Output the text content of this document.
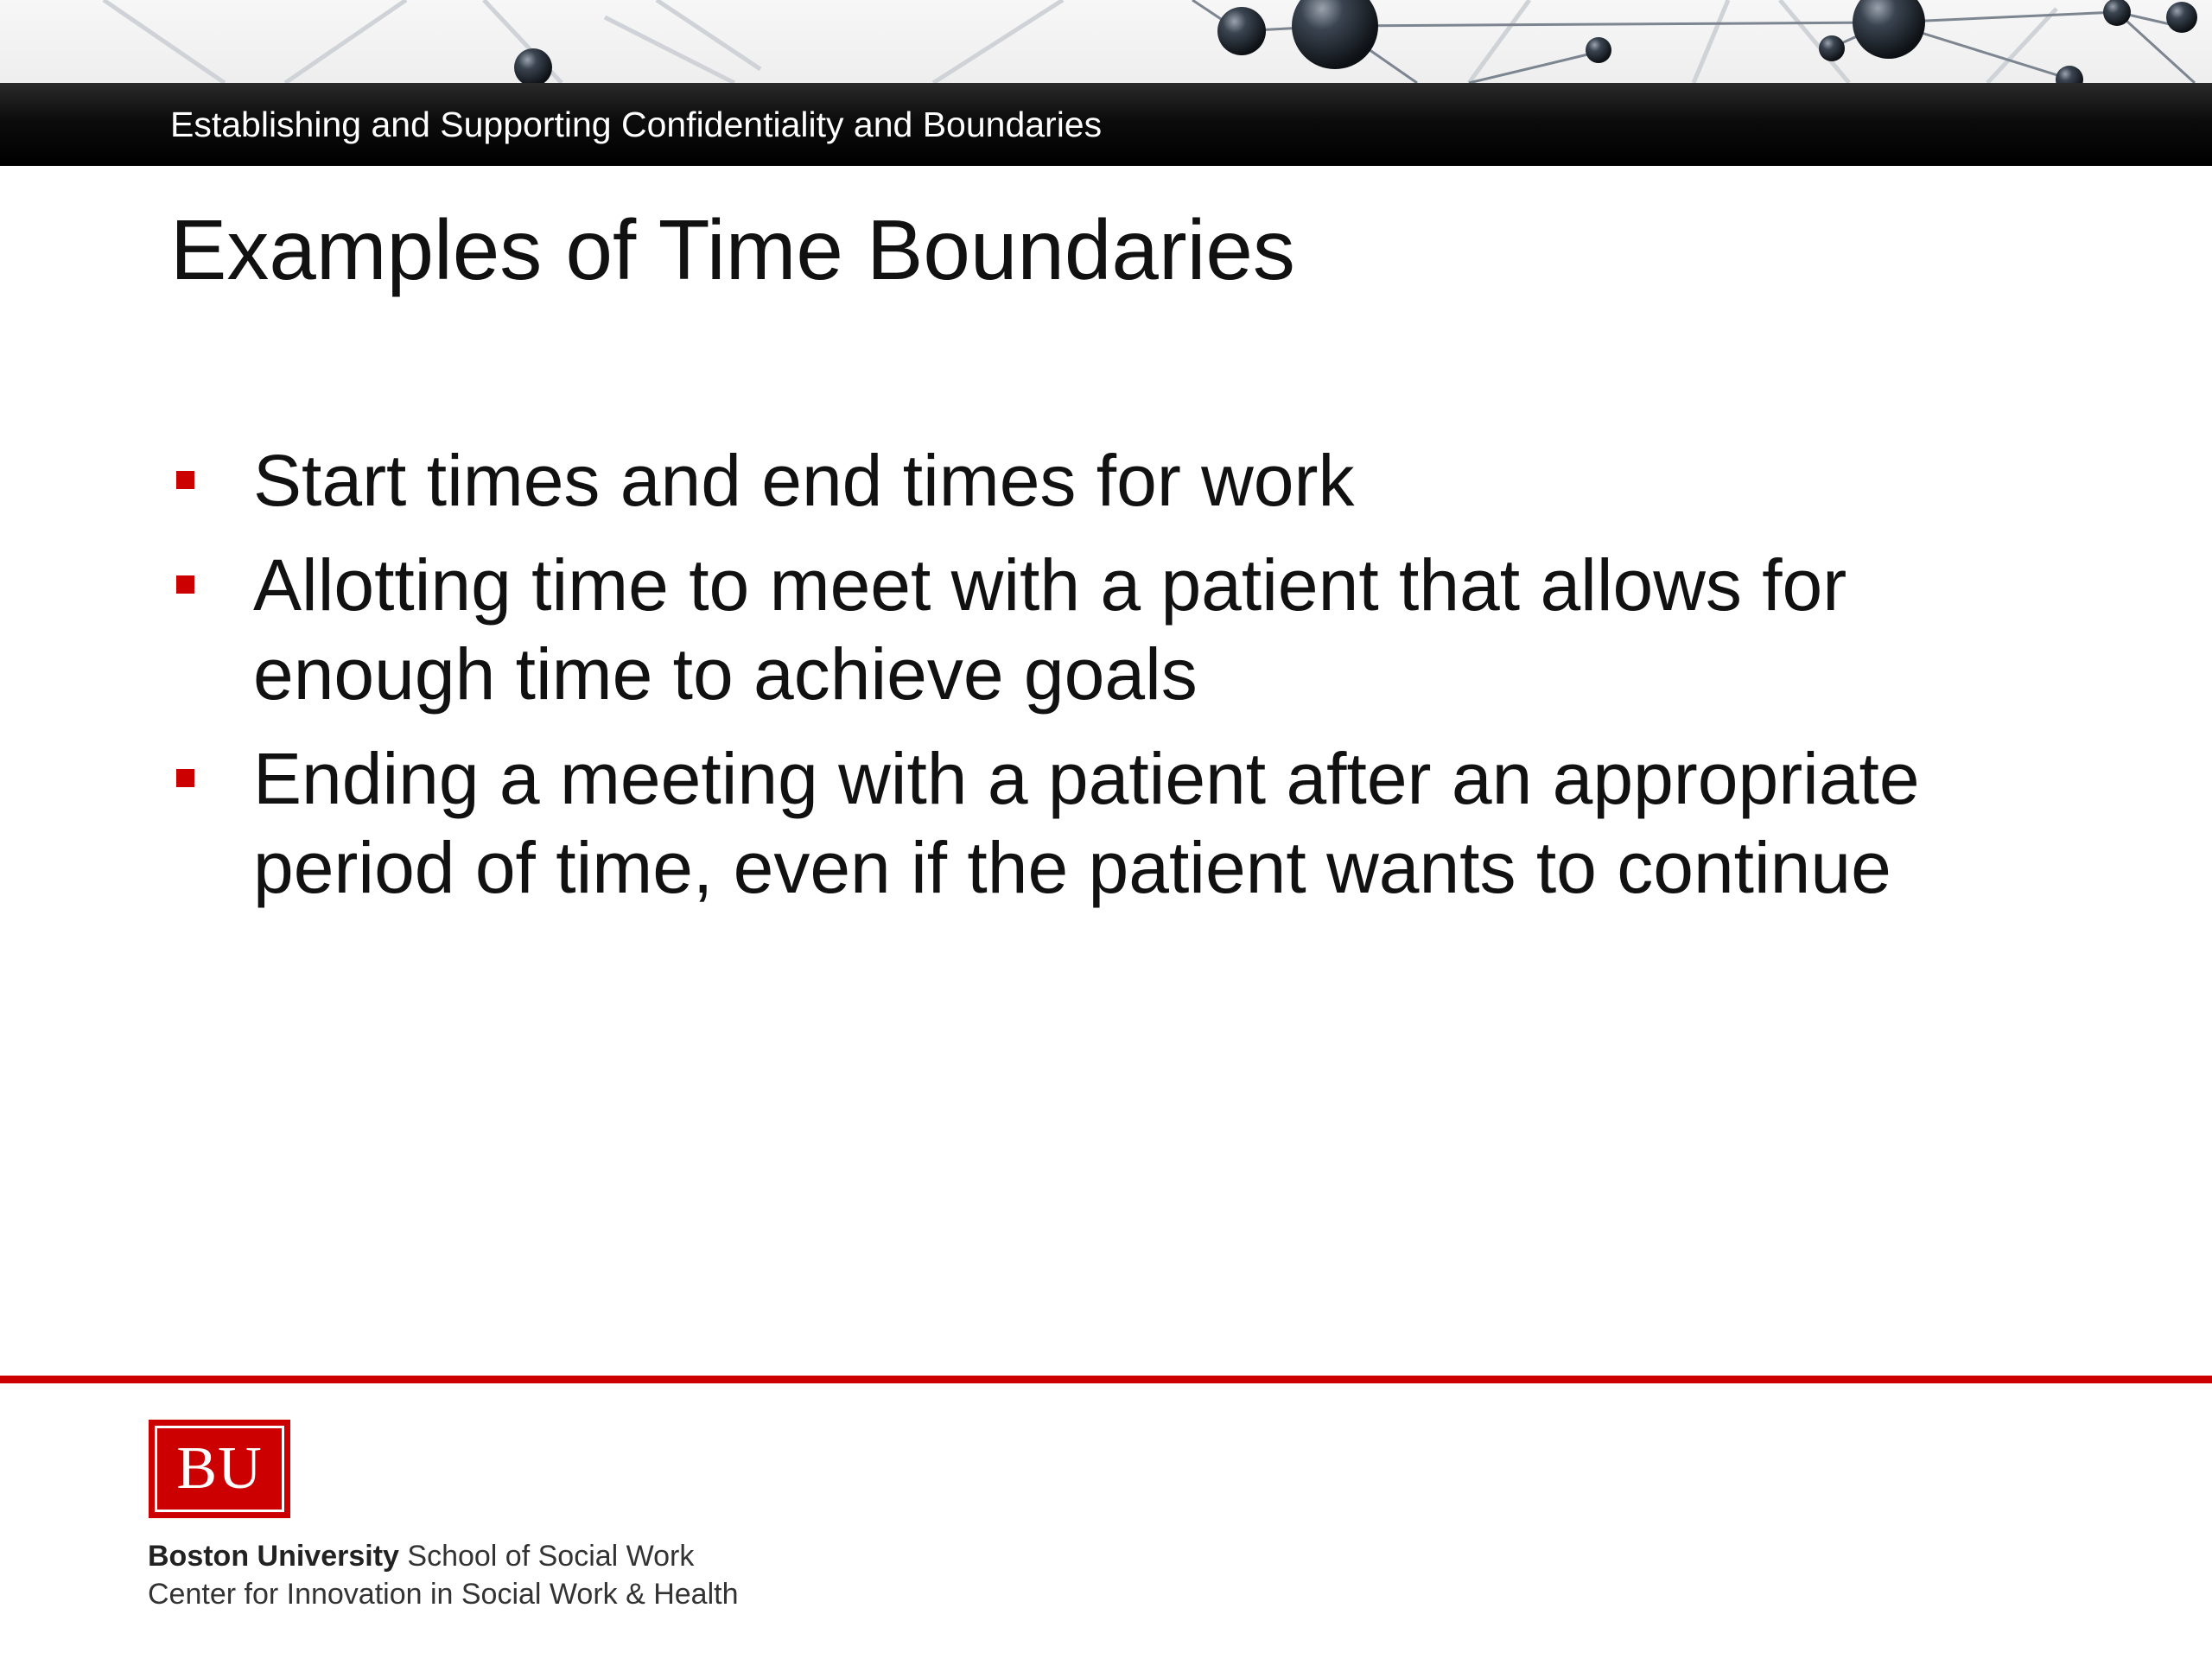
Establishing and Supporting Confidentiality and Boundaries
Examples of Time Boundaries
Start times and end times for work
Allotting time to meet with a patient that allows for enough time to achieve goals
Ending a meeting with a patient after an appropriate period of time, even if the patient wants to continue
BU
Boston University School of Social Work
Center for Innovation in Social Work & Health
